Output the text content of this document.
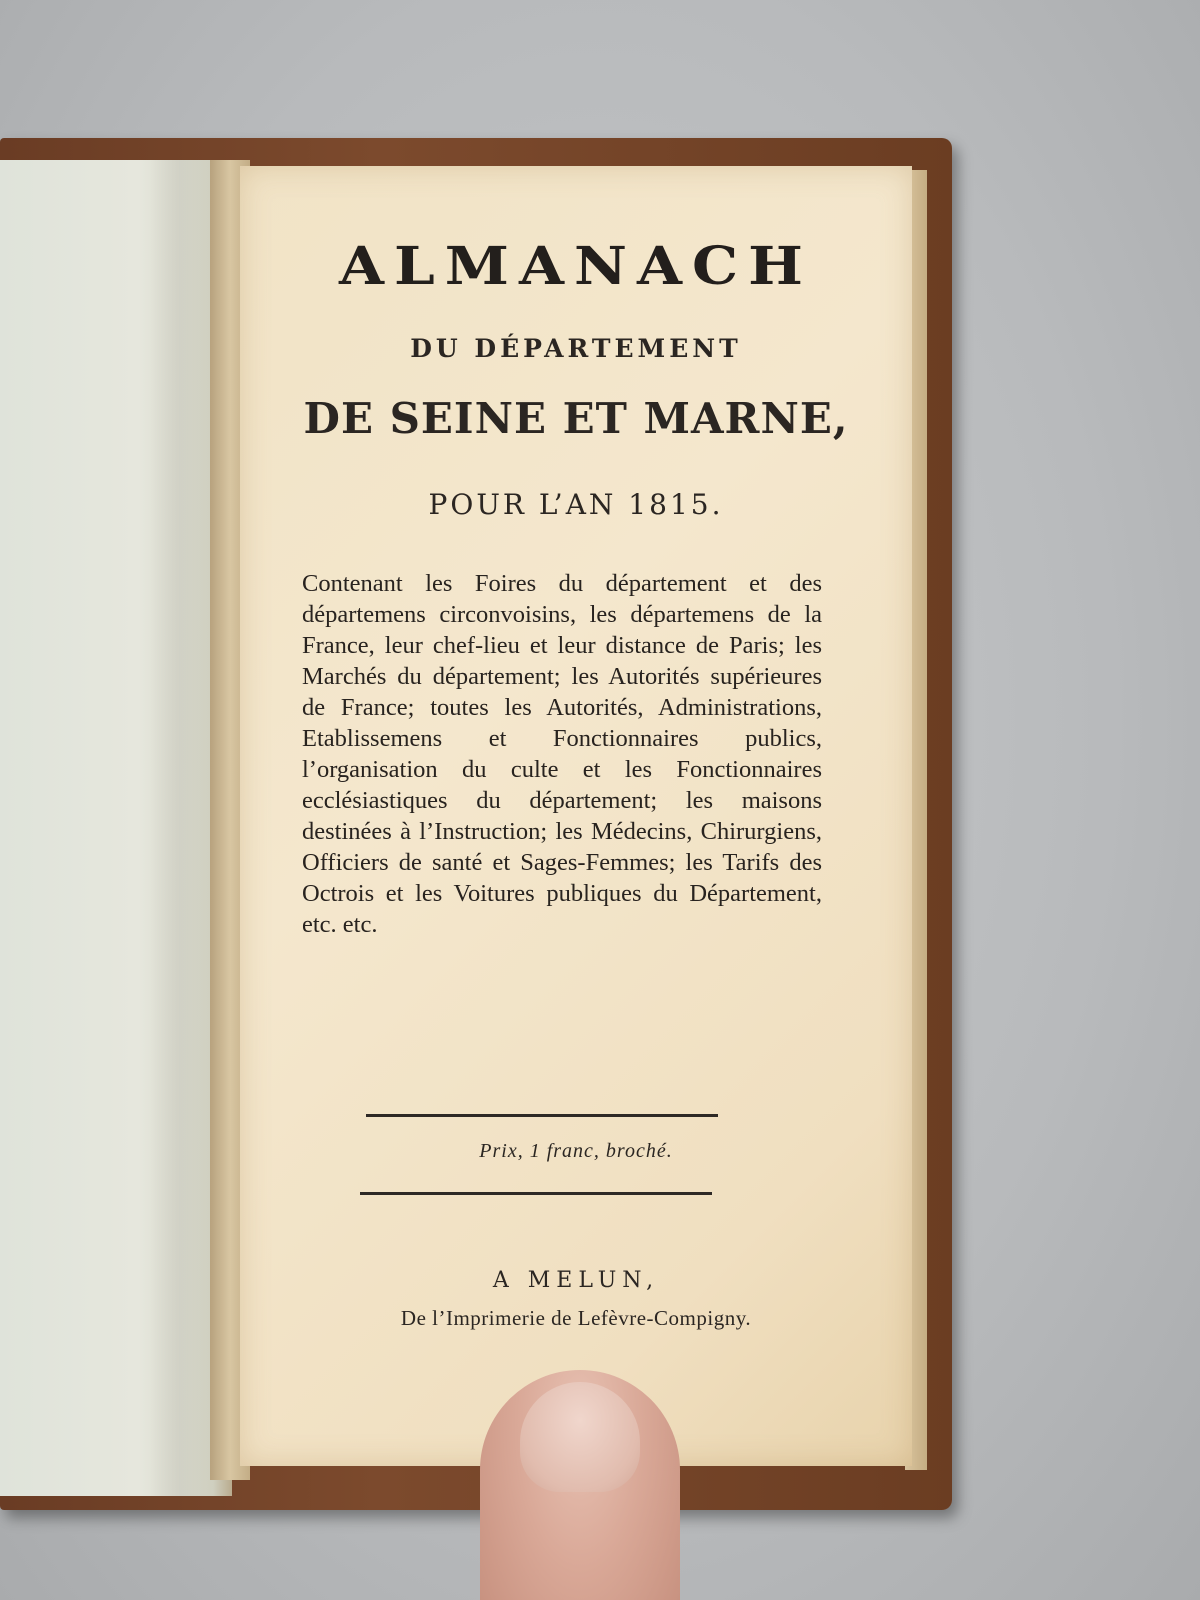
ALMANACH
DU DÉPARTEMENT
DE SEINE ET MARNE,
POUR L’AN 1815.

Contenant les Foires du département et des départemens circonvoisins, les départemens de la France, leur chef-lieu et leur distance de Paris; les Marchés du département; les Autorités supérieures de France; toutes les Autorités, Administrations, Etablissemens et Fonctionnaires publics, l’organisation du culte et les Fonctionnaires ecclésiastiques du département; les maisons destinées à l’Instruction; les Médecins, Chirurgiens, Officiers de santé et Sages-Femmes; les Tarifs des Octrois et les Voitures publiques du Département, etc. etc.

Prix, 1 franc, broché.

A MELUN,

De l’Imprimerie de Lefèvre-Compigny.
